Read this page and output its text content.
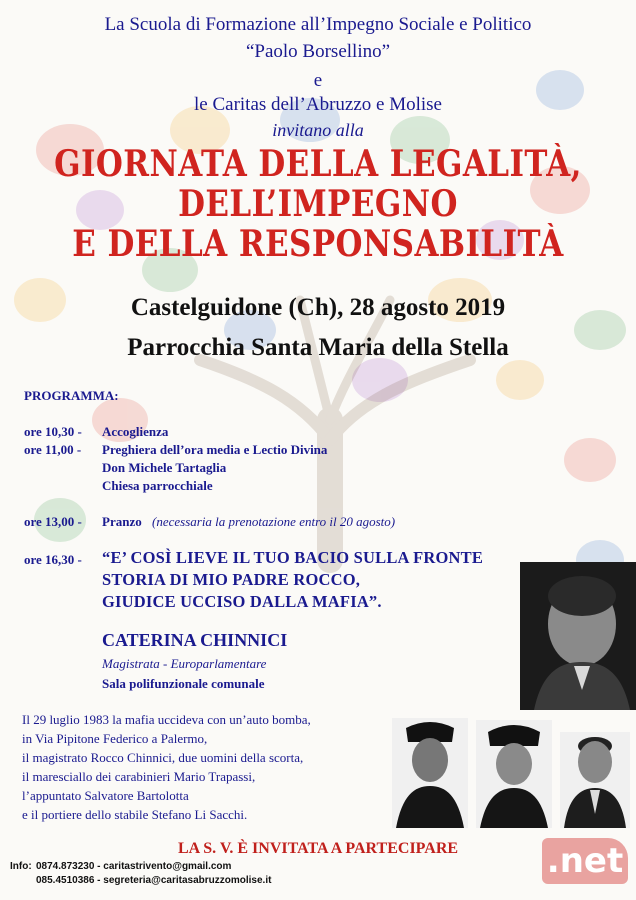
La Scuola di Formazione all’Impegno Sociale e Politico
“Paolo Borsellino”
e
le Caritas dell’Abruzzo e Molise
invitano alla
GIORNATA DELLA LEGALITÀ,
DELL’IMPEGNO
E DELLA RESPONSABILITÀ
Castelguidone (Ch), 28 agosto 2019
Parrocchia Santa Maria della Stella
PROGRAMMA:
ore 10,30 - Accoglienza
ore 11,00 - Preghiera dell’ora media e Lectio Divina
Don Michele Tartaglia
Chiesa parrocchiale
ore 13,00 - Pranzo (necessaria la prenotazione entro il 20 agosto)
ore 16,30 - “E’ COSÌ LIEVE IL TUO BACIO SULLA FRONTE
STORIA DI MIO PADRE ROCCO,
GIUDICE UCCISO DALLA MAFIA”.
CATERINA CHINNICI
Magistrata - Europarlamentare
Sala polifunzionale comunale
Il 29 luglio 1983 la mafia uccideva con un’auto bomba,
in Via Pipitone Federico a Palermo,
il magistrato Rocco Chinnici, due uomini della scorta,
il maresciallo dei carabinieri Mario Trapassi,
l’appuntato Salvatore Bartolotta
e il portiere dello stabile Stefano Li Sacchi.
LA S. V. È INVITATA A PARTECIPARE
Info: 0874.873230 - caritastrivento@gmail.com
085.4510386 - segreteria@caritasabruzzomolise.it	.net
